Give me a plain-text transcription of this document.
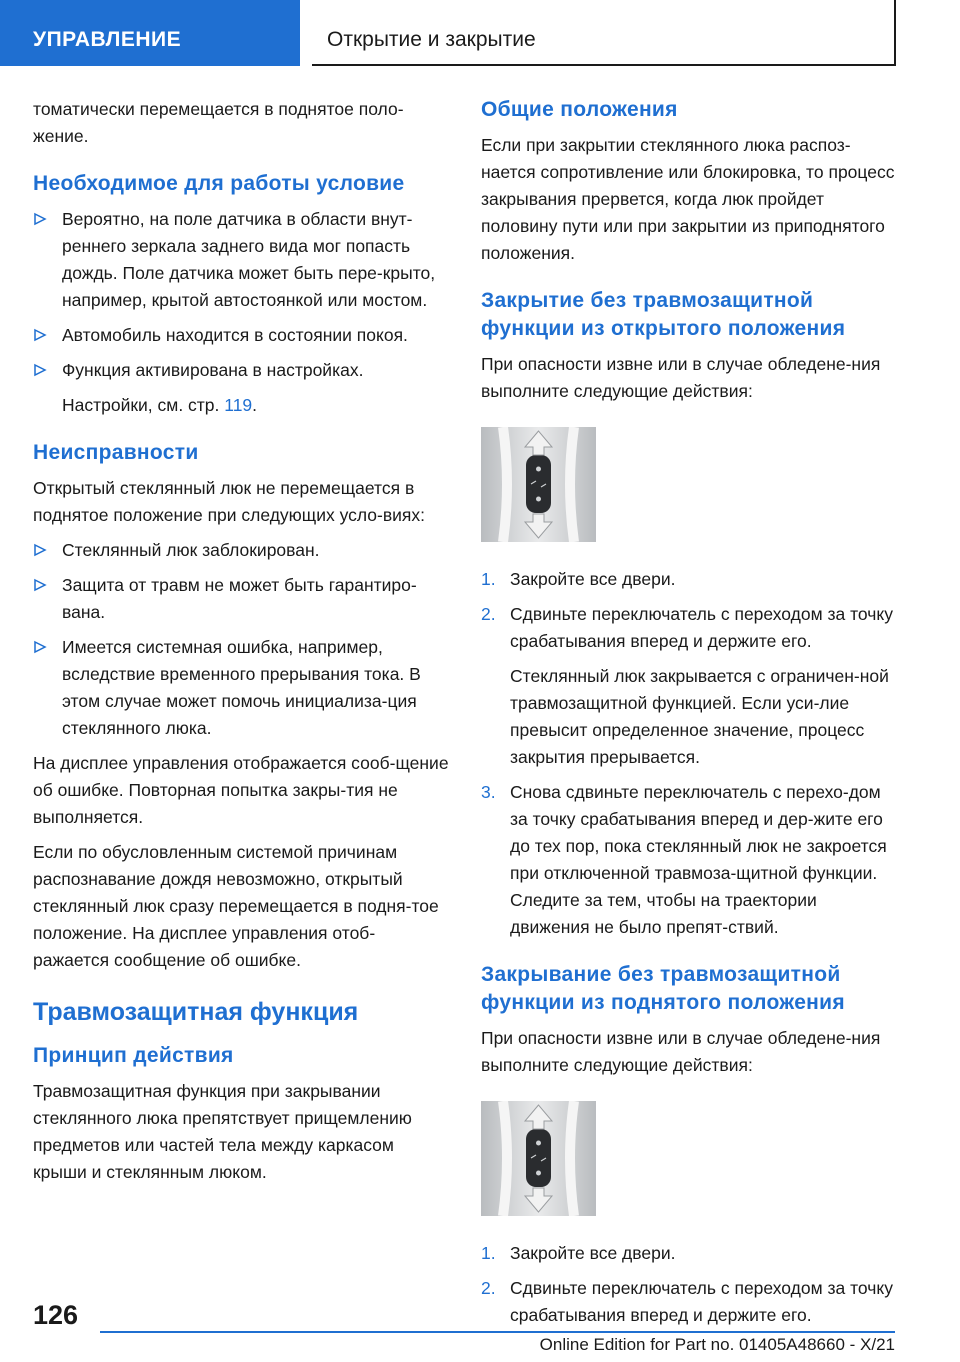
УПРАВЛЕНИЕ	Открытие и закрытие

томатически перемещается в поднятое поло-жение.

Необходимое для работы условие
Вероятно, на поле датчика в области внут-реннего зеркала заднего вида мог попасть дождь. Поле датчика может быть пере-крыто, например, крытой автостоянкой или мостом.
Автомобиль находится в состоянии покоя.
Функция активирована в настройках.
Настройки, см. стр. 119.
Неисправности

Открытый стеклянный люк не перемещается в поднятое положение при следующих усло-виях:

Стеклянный люк заблокирован.
Защита от травм не может быть гарантиро-вана.
Имеется системная ошибка, например, вследствие временного прерывания тока. В этом случае может помочь инициализа-ция стеклянного люка.

На дисплее управления отображается сооб-щение об ошибке. Повторная попытка закры-тия не выполняется.

Если по обусловленным системой причинам распознавание дождя невозможно, открытый стеклянный люк сразу перемещается в подня-тое положение. На дисплее управления отоб-ражается сообщение об ошибке.

Травмозащитная функция
Принцип действия

Травмозащитная функция при закрывании стеклянного люка препятствует прищемлению предметов или частей тела между каркасом крыши и стеклянным люком.

Общие положения

Если при закрытии стеклянного люка распоз-нается сопротивление или блокировка, то процесс закрывания прервется, когда люк пройдет половину пути или при закрытии из приподнятого положения.

Закрытие без травмозащитной функции из открытого положения

При опасности извне или в случае обледене-ния выполните следующие действия:

1. Закройте все двери.
2. Сдвиньте переключатель с переходом за точку срабатывания вперед и держите его.
Стеклянный люк закрывается с ограничен-ной травмозащитной функцией. Если уси-лие превысит определенное значение, процесс закрытия прерывается.
3. Снова сдвиньте переключатель с перехо-дом за точку срабатывания вперед и дер-жите его до тех пор, пока стеклянный люк не закроется при отключенной травмоза-щитной функции. Следите за тем, чтобы на траектории движения не было препят-ствий.
Закрывание без травмозащитной функции из поднятого положения

При опасности извне или в случае обледене-ния выполните следующие действия:

1. Закройте все двери.
2. Сдвиньте переключатель с переходом за точку срабатывания вперед и держите его.
126
Online Edition for Part no. 01405A48660 - X/21
